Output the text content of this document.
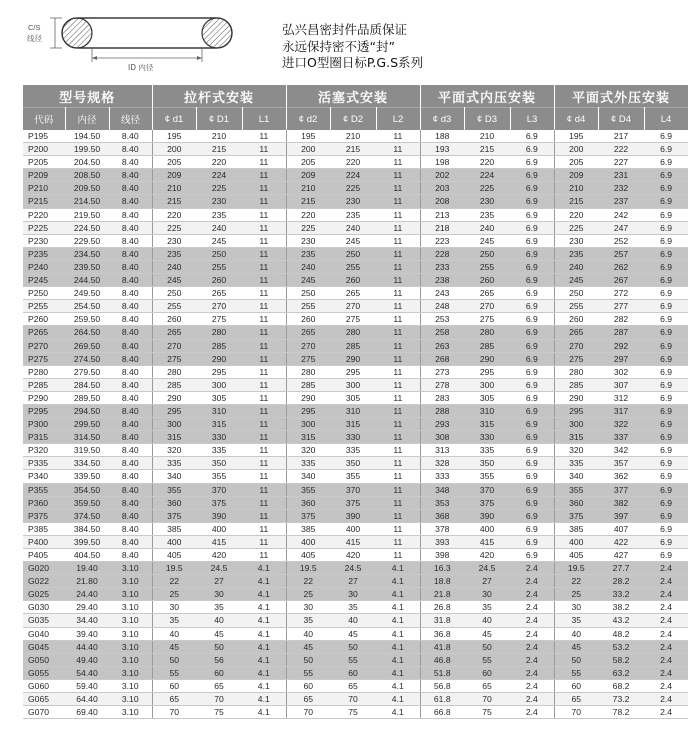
C/S
线径
ID 内径
弘兴昌密封件品质保证
永远保持密不透“封”
进口O型圈日标P.G.S系列
型号规格			拉杆式安装			活塞式安装			平面式内压安装			平面式外压安装		
代码	内径	线径	¢ d1	¢ D1	L1	¢ d2	¢ D2	L2	¢ d3	¢ D3	L3	¢ d4	¢ D4	L4
P195	194.50	8.40	195	210	11	195	210	11	188	210	6.9	195	217	6.9
P200	199.50	8.40	200	215	11	200	215	11	193	215	6.9	200	222	6.9
P205	204.50	8.40	205	220	11	205	220	11	198	220	6.9	205	227	6.9
P209	208.50	8.40	209	224	11	209	224	11	202	224	6.9	209	231	6.9
P210	209.50	8.40	210	225	11	210	225	11	203	225	6.9	210	232	6.9
P215	214.50	8.40	215	230	11	215	230	11	208	230	6.9	215	237	6.9
P220	219.50	8.40	220	235	11	220	235	11	213	235	6.9	220	242	6.9
P225	224.50	8.40	225	240	11	225	240	11	218	240	6.9	225	247	6.9
P230	229.50	8.40	230	245	11	230	245	11	223	245	6.9	230	252	6.9
P235	234.50	8.40	235	250	11	235	250	11	228	250	6.9	235	257	6.9
P240	239.50	8.40	240	255	11	240	255	11	233	255	6.9	240	262	6.9
P245	244.50	8.40	245	260	11	245	260	11	238	260	6.9	245	267	6.9
P250	249.50	8.40	250	265	11	250	265	11	243	265	6.9	250	272	6.9
P255	254.50	8.40	255	270	11	255	270	11	248	270	6.9	255	277	6.9
P260	259.50	8.40	260	275	11	260	275	11	253	275	6.9	260	282	6.9
P265	264.50	8.40	265	280	11	265	280	11	258	280	6.9	265	287	6.9
P270	269.50	8.40	270	285	11	270	285	11	263	285	6.9	270	292	6.9
P275	274.50	8.40	275	290	11	275	290	11	268	290	6.9	275	297	6.9
P280	279.50	8.40	280	295	11	280	295	11	273	295	6.9	280	302	6.9
P285	284.50	8.40	285	300	11	285	300	11	278	300	6.9	285	307	6.9
P290	289.50	8.40	290	305	11	290	305	11	283	305	6.9	290	312	6.9
P295	294.50	8.40	295	310	11	295	310	11	288	310	6.9	295	317	6.9
P300	299.50	8.40	300	315	11	300	315	11	293	315	6.9	300	322	6.9
P315	314.50	8.40	315	330	11	315	330	11	308	330	6.9	315	337	6.9
P320	319.50	8.40	320	335	11	320	335	11	313	335	6.9	320	342	6.9
P335	334.50	8.40	335	350	11	335	350	11	328	350	6.9	335	357	6.9
P340	339.50	8.40	340	355	11	340	355	11	333	355	6.9	340	362	6.9
P355	354.50	8.40	355	370	11	355	370	11	348	370	6.9	355	377	6.9
P360	359.50	8.40	360	375	11	360	375	11	353	375	6.9	360	382	6.9
P375	374.50	8.40	375	390	11	375	390	11	368	390	6.9	375	397	6.9
P385	384.50	8.40	385	400	11	385	400	11	378	400	6.9	385	407	6.9
P400	399.50	8.40	400	415	11	400	415	11	393	415	6.9	400	422	6.9
P405	404.50	8.40	405	420	11	405	420	11	398	420	6.9	405	427	6.9
G020	19.40	3.10	19.5	24.5	4.1	19.5	24.5	4.1	16.3	24.5	2.4	19.5	27.7	2.4
G022	21.80	3.10	22	27	4.1	22	27	4.1	18.8	27	2.4	22	28.2	2.4
G025	24.40	3.10	25	30	4.1	25	30	4.1	21.8	30	2.4	25	33.2	2.4
G030	29.40	3.10	30	35	4.1	30	35	4.1	26.8	35	2.4	30	38.2	2.4
G035	34.40	3.10	35	40	4.1	35	40	4.1	31.8	40	2.4	35	43.2	2.4
G040	39.40	3.10	40	45	4.1	40	45	4.1	36.8	45	2.4	40	48.2	2.4
G045	44.40	3.10	45	50	4.1	45	50	4.1	41.8	50	2.4	45	53.2	2.4
G050	49.40	3.10	50	56	4.1	50	55	4.1	46.8	55	2.4	50	58.2	2.4
G055	54.40	3.10	55	60	4.1	55	60	4.1	51.8	60	2.4	55	63.2	2.4
G060	59.40	3.10	60	65	4.1	60	65	4.1	56.8	65	2.4	60	68.2	2.4
G065	64.40	3.10	65	70	4.1	65	70	4.1	61.8	70	2.4	65	73.2	2.4
G070	69.40	3.10	70	75	4.1	70	75	4.1	66.8	75	2.4	70	78.2	2.4
